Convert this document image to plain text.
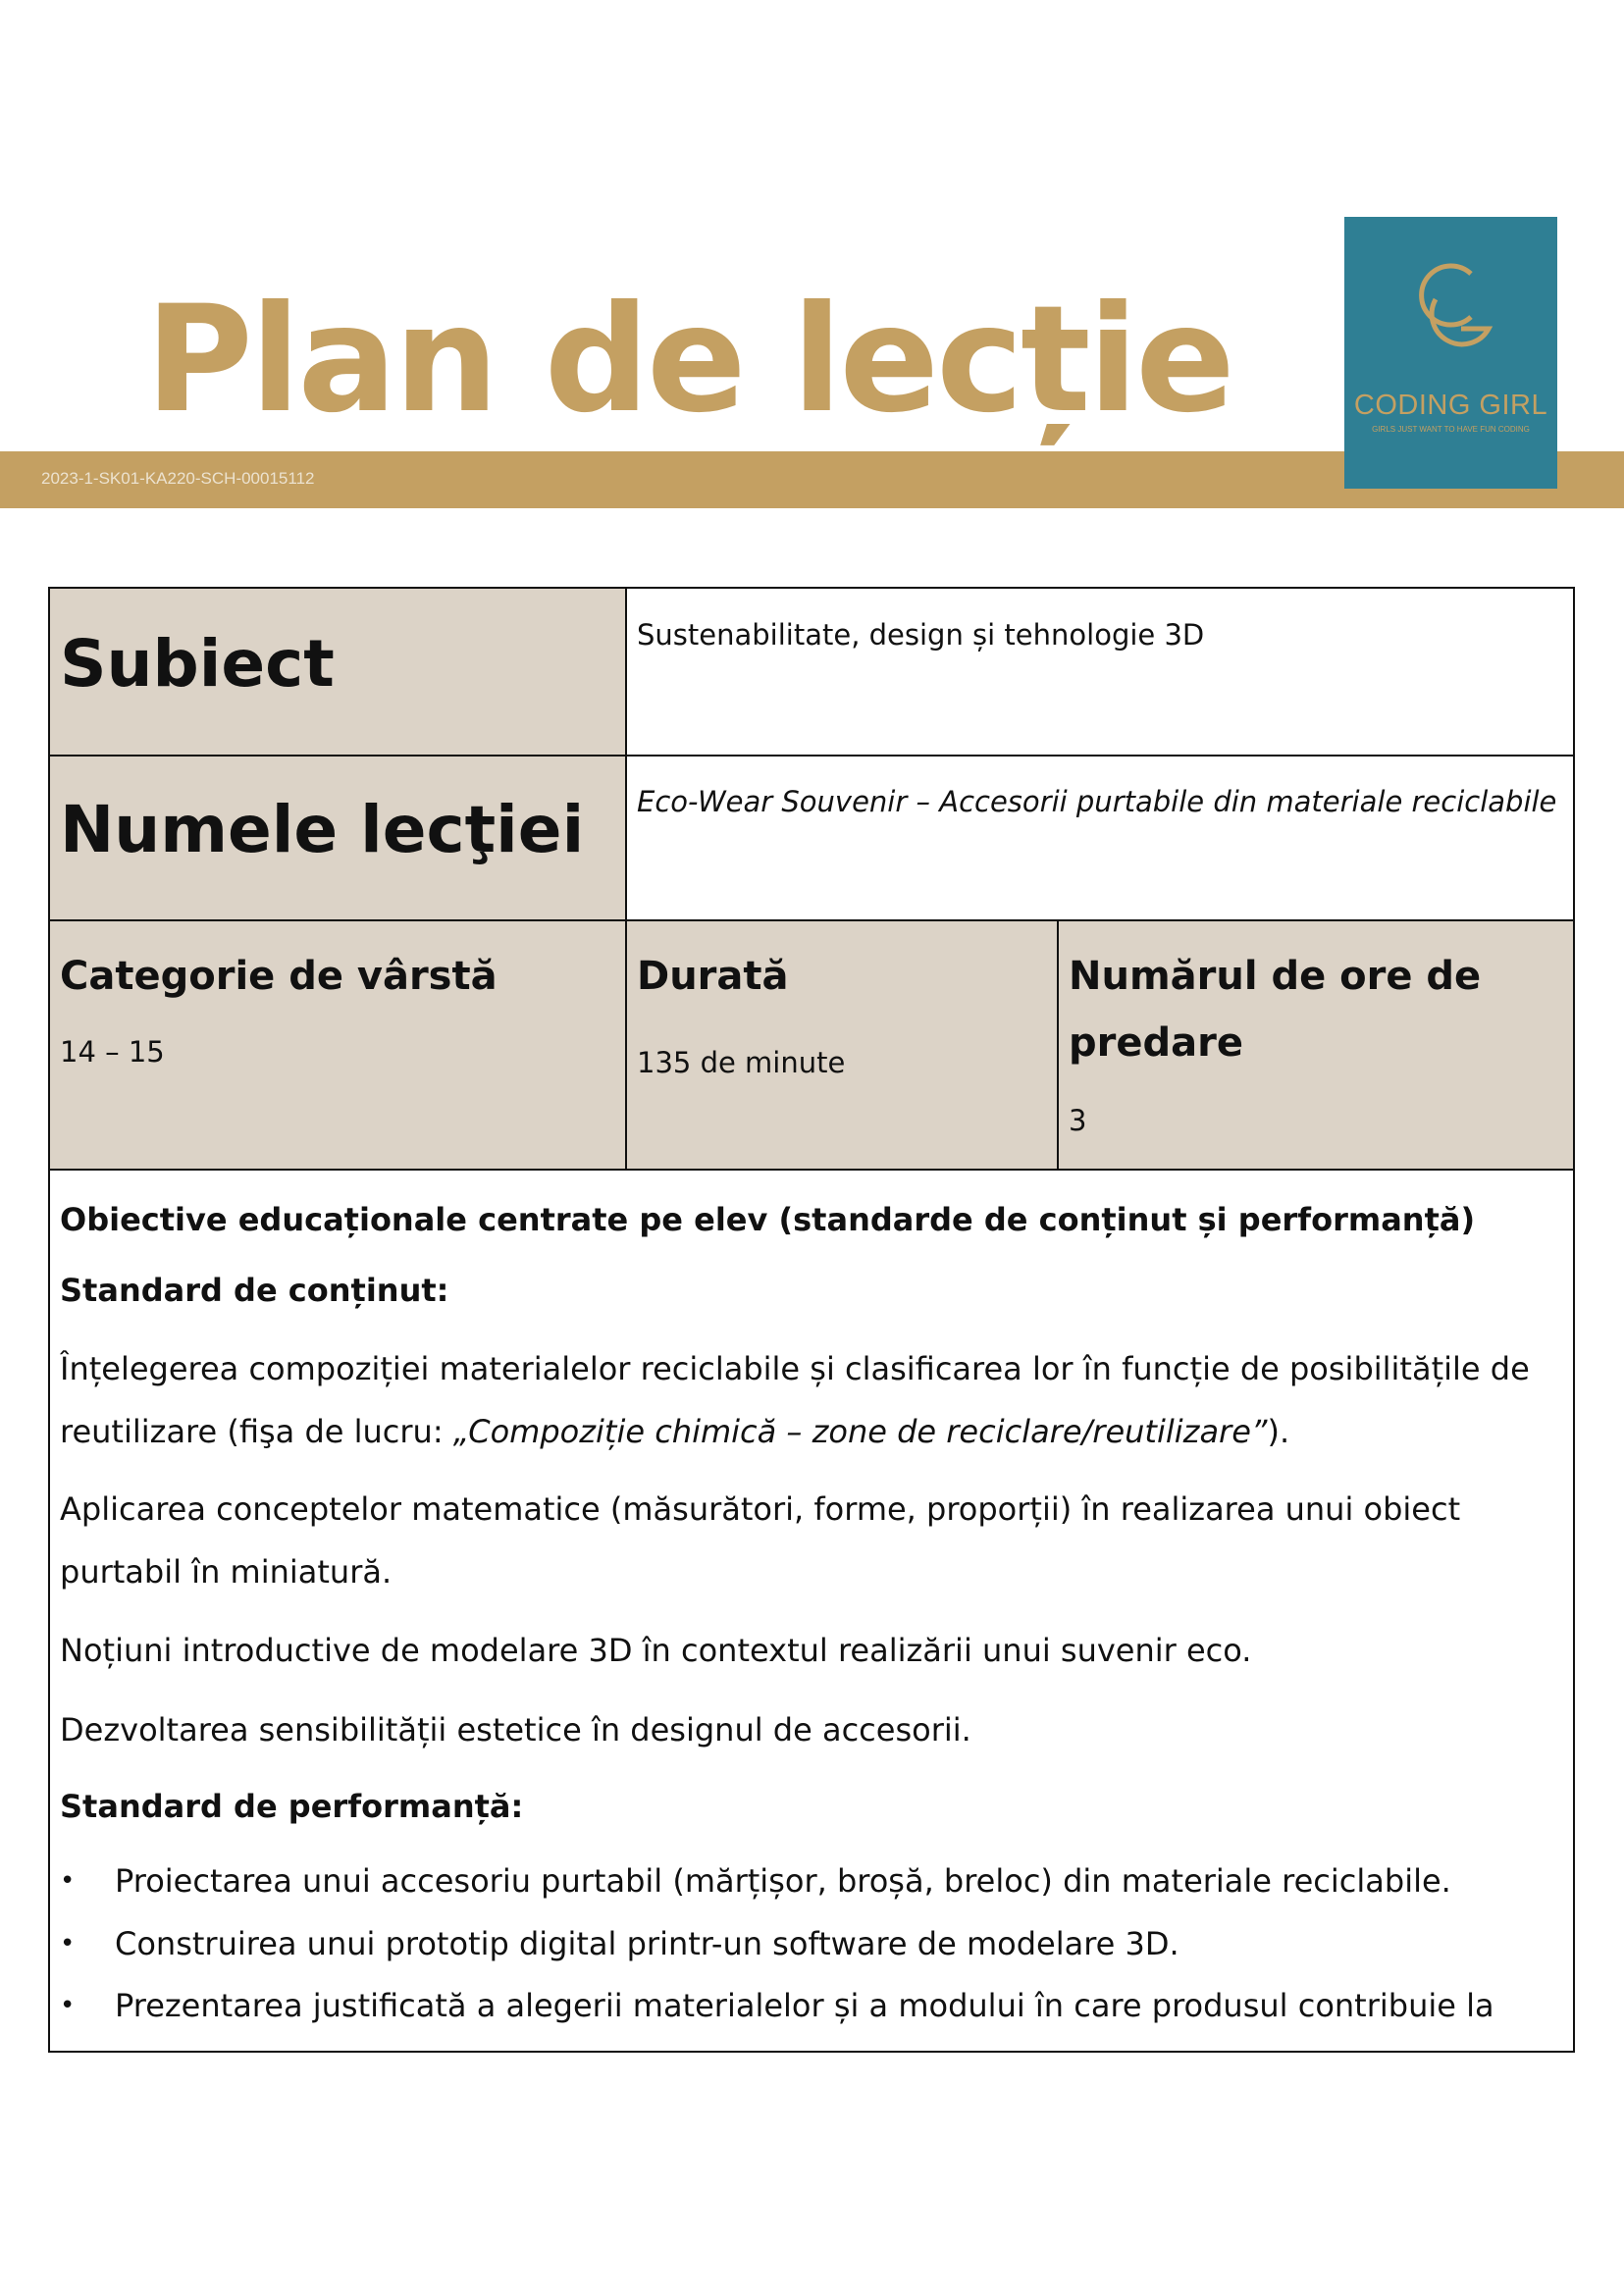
Plan de lecție
2023-1-SK01-KA220-SCH-00015112
CODING GIRL
GIRLS JUST WANT TO HAVE FUN CODING
Subiect	Sustenabilitate, design și tehnologie 3D
Numele lecţiei Eco-Wear Souvenir – Accesorii purtabile din materiale reciclabile
Categorie de vârstă
14 – 15
Durată
135 de minute
Numărul de ore de predare
3
Obiective educaționale centrate pe elev (standarde de conținut și performanță)
Standard de conținut:
Înțelegerea compoziției materialelor reciclabile și clasificarea lor în funcție de posibilitățile de reutilizare (fişa de lucru: „Compoziție chimică – zone de reciclare/reutilizare”).
Aplicarea conceptelor matematice (măsurători, forme, proporții) în realizarea unui obiect purtabil în miniatură.
Noțiuni introductive de modelare 3D în contextul realizării unui suvenir eco.
Dezvoltarea sensibilității estetice în designul de accesorii.
Standard de performanță:
• Proiectarea unui accesoriu purtabil (mărțișor, broșă, breloc) din materiale reciclabile.
• Construirea unui prototip digital printr-un software de modelare 3D.
• Prezentarea justificată a alegerii materialelor și a modului în care produsul contribuie la
